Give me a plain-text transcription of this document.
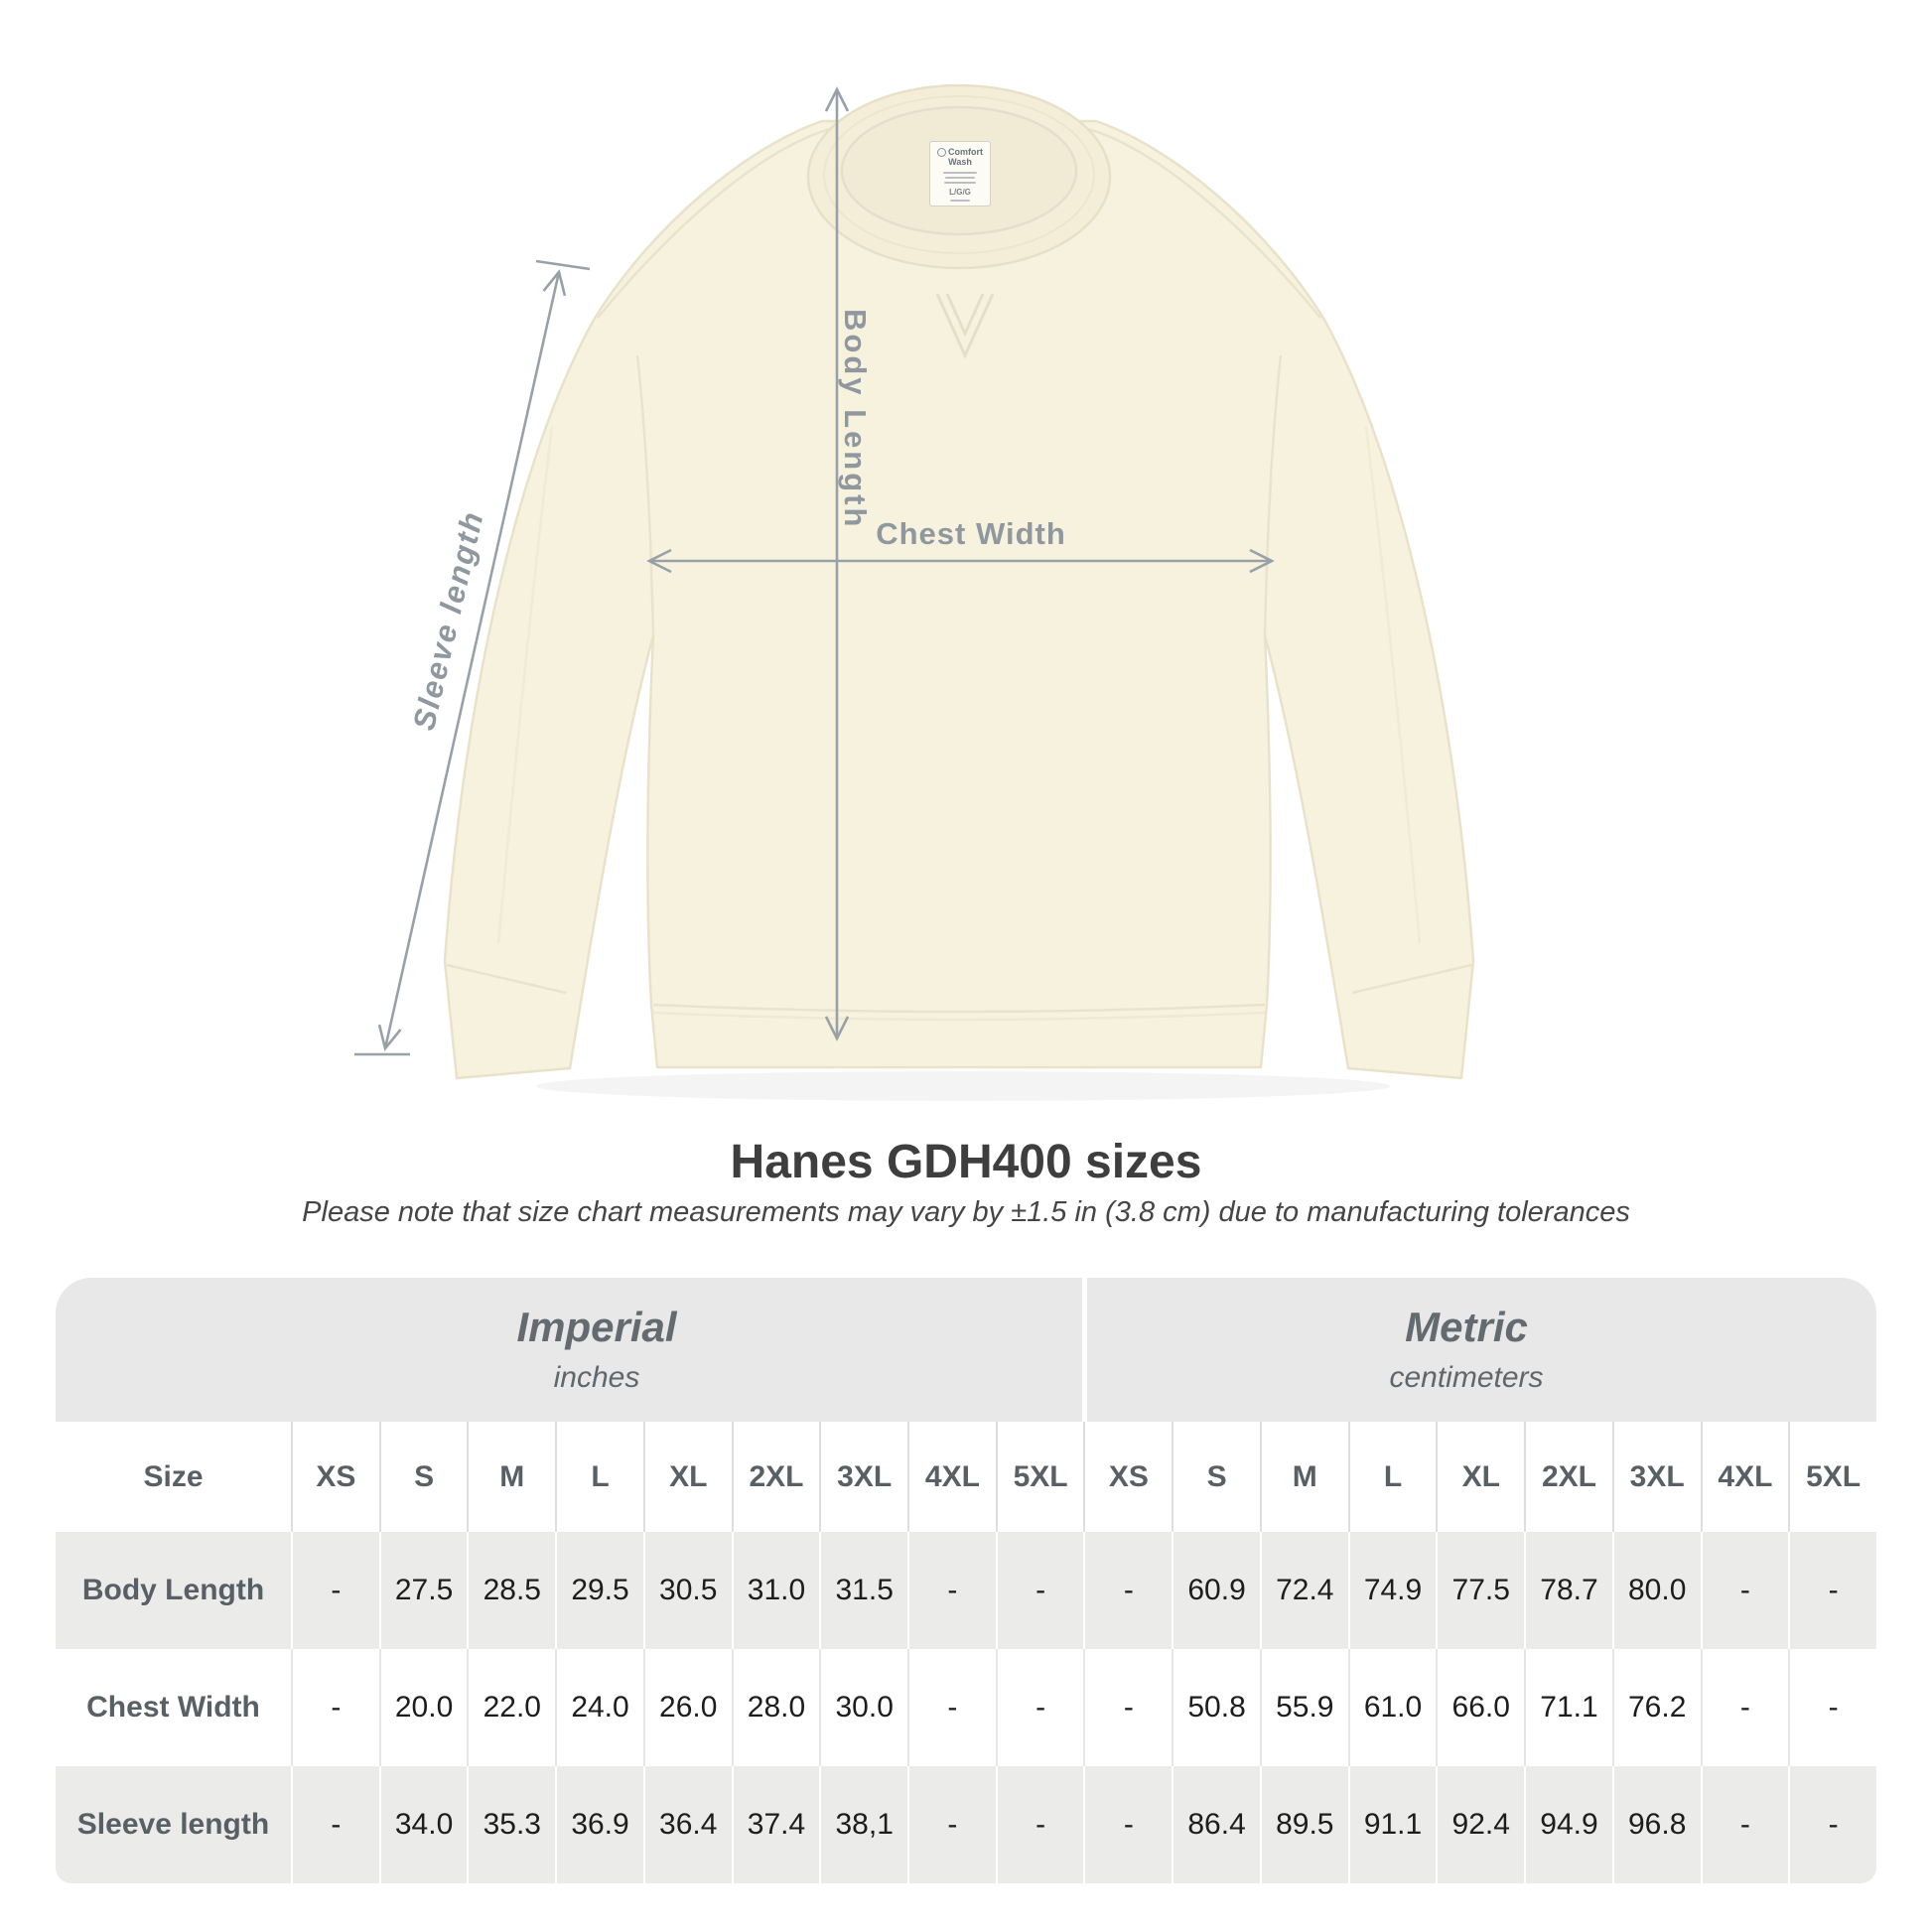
Body Length
Chest Width
Sleeve length
Comfort
Wash
L/G/G
Hanes GDH400 sizes
Please note that size chart measurements may vary by ±1.5 in (3.8 cm) due to manufacturing tolerances
Imperial
inches
Metric
centimeters
Size	XS	S	M	L	XL	2XL	3XL	4XL	5XL	XS	S	M	L	XL	2XL	3XL	4XL	5XL
Body Length	-	27.5	28.5	29.5	30.5	31.0	31.5	-	-	-	60.9	72.4	74.9	77.5	78.7	80.0	-	-
Chest Width	-	20.0	22.0	24.0	26.0	28.0	30.0	-	-	-	50.8	55.9	61.0	66.0	71.1	76.2	-	-
Sleeve length	-	34.0	35.3	36.9	36.4	37.4	38,1	-	-	-	86.4	89.5	91.1	92.4	94.9	96.8	-	-
